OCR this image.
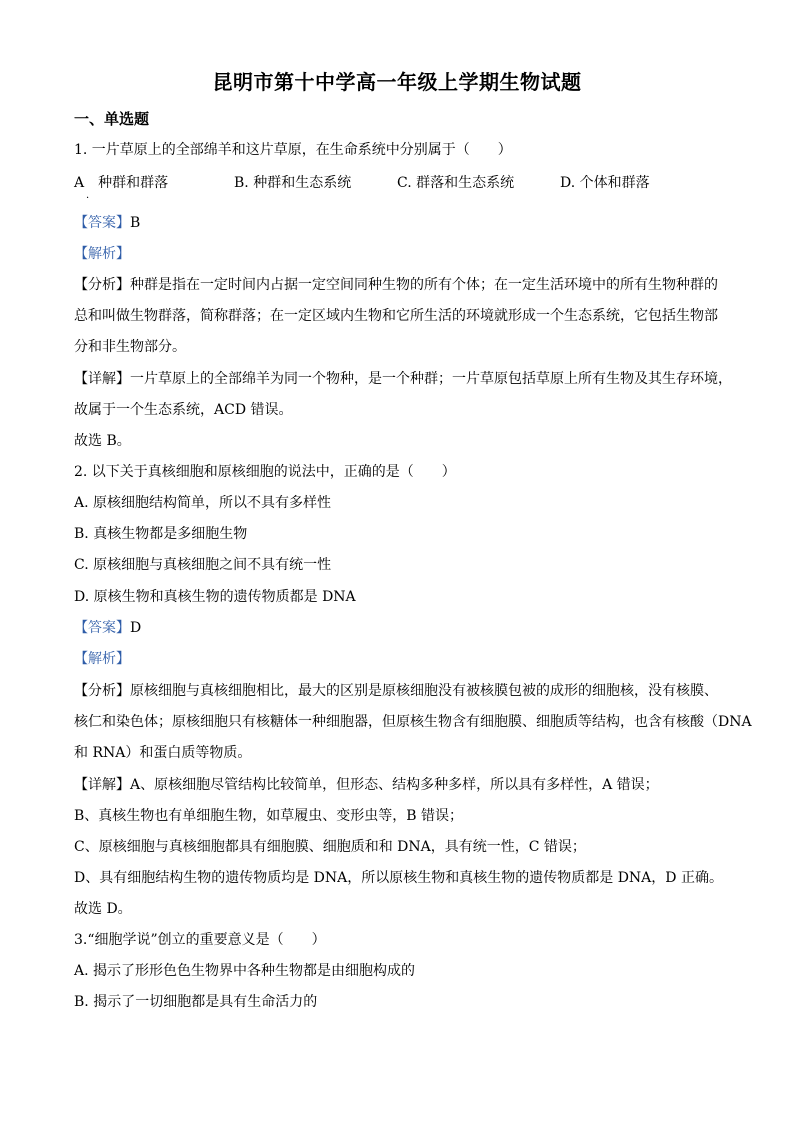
昆明市第十中学高一年级上学期生物试题
一、单选题
1. 一片草原上的全部绵羊和这片草原，在生命系统中分别属于（　　）
A　种群和群落	B. 种群和生态系统	C. 群落和生态系统	D. 个体和群落
·
【答案】B
【解析】
【分析】种群是指在一定时间内占据一定空间同种生物的所有个体；在一定生活环境中的所有生物种群的
总和叫做生物群落，简称群落；在一定区域内生物和它所生活的环境就形成一个生态系统，它包括生物部
分和非生物部分。
【详解】一片草原上的全部绵羊为同一个物种，是一个种群；一片草原包括草原上所有生物及其生存环境，
故属于一个生态系统，ACD 错误。
故选 B。
2. 以下关于真核细胞和原核细胞的说法中，正确的是（　　）
A. 原核细胞结构简单，所以不具有多样性
B. 真核生物都是多细胞生物
C. 原核细胞与真核细胞之间不具有统一性
D. 原核生物和真核生物的遗传物质都是 DNA
【答案】D
【解析】
【分析】原核细胞与真核细胞相比，最大的区别是原核细胞没有被核膜包被的成形的细胞核，没有核膜、
核仁和染色体；原核细胞只有核糖体一种细胞器，但原核生物含有细胞膜、细胞质等结构，也含有核酸（DNA
和 RNA）和蛋白质等物质。
【详解】A、原核细胞尽管结构比较简单，但形态、结构多种多样，所以具有多样性，A 错误；
B、真核生物也有单细胞生物，如草履虫、变形虫等，B 错误；
C、原核细胞与真核细胞都具有细胞膜、细胞质和和 DNA，具有统一性，C 错误；
D、具有细胞结构生物的遗传物质均是 DNA，所以原核生物和真核生物的遗传物质都是 DNA，D 正确。
故选 D。
3.“细胞学说”创立的重要意义是（　　）
A. 揭示了形形色色生物界中各种生物都是由细胞构成的
B. 揭示了一切细胞都是具有生命活力的
